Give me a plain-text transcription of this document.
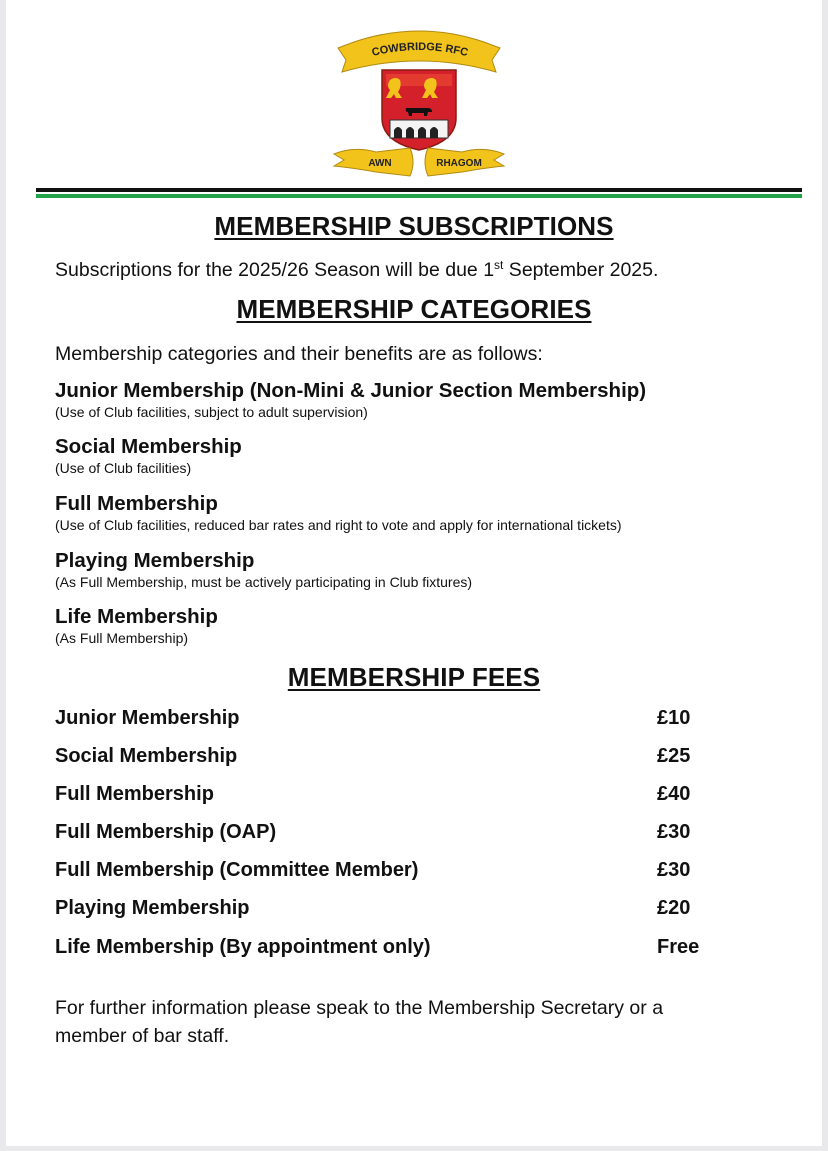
COWBRIDGE RFC
AWN	RHAGOM
MEMBERSHIP SUBSCRIPTIONS
Subscriptions for the 2025/26 Season will be due 1st September 2025.
MEMBERSHIP CATEGORIES
Membership categories and their benefits are as follows:
Junior Membership (Non-Mini & Junior Section Membership)
(Use of Club facilities, subject to adult supervision)
Social Membership
(Use of Club facilities)
Full Membership
(Use of Club facilities, reduced bar rates and right to vote and apply for international tickets)
Playing Membership
(As Full Membership, must be actively participating in Club fixtures)
Life Membership
(As Full Membership)
MEMBERSHIP FEES
Junior Membership	£10
Social Membership	£25
Full Membership	£40
Full Membership (OAP)	£30
Full Membership (Committee Member)	£30
Playing Membership	£20
Life Membership (By appointment only)	Free
For further information please speak to the Membership Secretary or a
member of bar staff.
